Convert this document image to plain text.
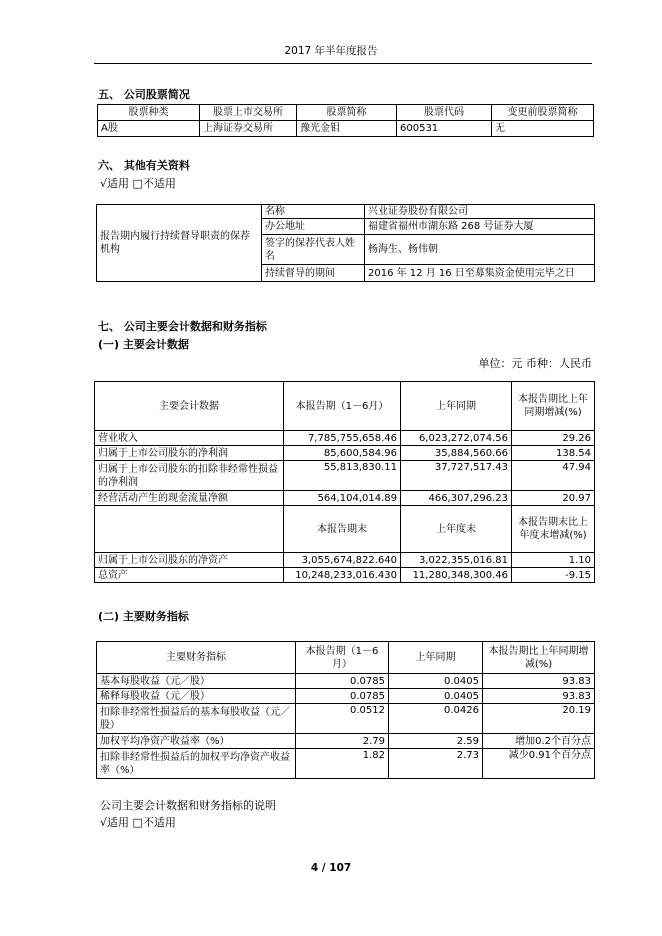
2017 年半年度报告
五、 公司股票简况
股票种类	股票上市交易所	股票简称	股票代码	变更前股票简称
A股	上海证券交易所	豫光金钼	600531	无
六、 其他有关资料
√适用 □不适用
报告期内履行持续督导职责的保荐机构	名称	兴业证券股份有限公司
	办公地址	福建省福州市湖东路 268 号证券大厦
	签字的保荐代表人姓名	杨海生、杨伟朝
	持续督导的期间	2016 年 12 月 16 日至募集资金使用完毕之日
七、 公司主要会计数据和财务指标
(一) 主要会计数据
单位：元 币种：人民币
主要会计数据	本报告期（1－6月）	上年同期	本报告期比上年同期增减(%)
营业收入	7,785,755,658.46	6,023,272,074.56	29.26
归属于上市公司股东的净利润	85,600,584.96	35,884,560.66	138.54
归属于上市公司股东的扣除非经常性损益的净利润	55,813,830.11	37,727,517.43	47.94
经营活动产生的现金流量净额	564,104,014.89	466,307,296.23	20.97
	本报告期末	上年度末	本报告期末比上年度末增减(%)
归属于上市公司股东的净资产	3,055,674,822.640	3,022,355,016.81	1.10
总资产	10,248,233,016.430	11,280,348,300.46	-9.15
(二) 主要财务指标
主要财务指标	本报告期（1－6月）	上年同期	本报告期比上年同期增减(%)
基本每股收益（元／股）	0.0785	0.0405	93.83
稀释每股收益（元／股）	0.0785	0.0405	93.83
扣除非经常性损益后的基本每股收益（元／股）	0.0512	0.0426	20.19
加权平均净资产收益率（%）	2.79	2.59	增加0.2个百分点
扣除非经常性损益后的加权平均净资产收益率（%）	1.82	2.73	减少0.91个百分点
公司主要会计数据和财务指标的说明
√适用 □不适用
4 / 107
